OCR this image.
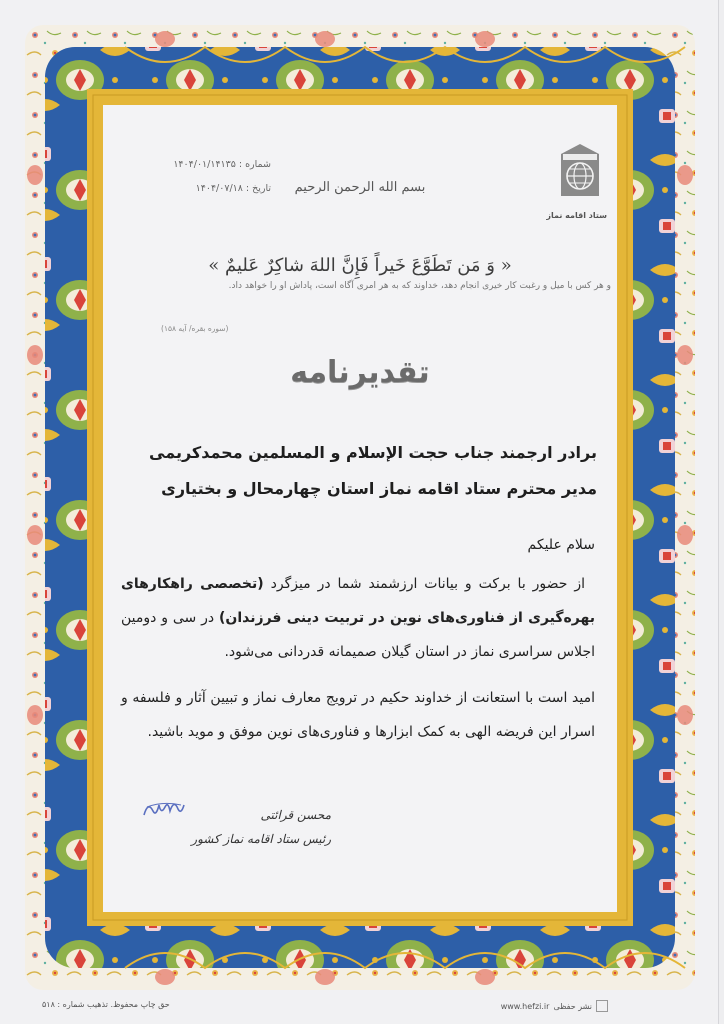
ستاد اقامه نماز
شماره :
۱۴۰۴/۰۱/۱۴۱۳۵
تاریخ :
۱۴۰۴/۰۷/۱۸	بسم الله الرحمن الرحيم
« وَ مَن تَطَوَّعَ خَیراً فَإِنَّ اللهَ شاکِرٌ عَلیمٌ »
و هر کس با میل و رغبت کار خیری انجام دهد، خداوند که به هر امری آگاه است، پاداش او را خواهد داد.
(سوره بقره/ آیه ۱۵۸)
تقدیرنامه
برادر ارجمند جناب حجت الإسلام و المسلمین محمدکریمی
مدیر محترم ستاد اقامه نماز استان چهارمحال و بختیاری
سلام علیکم
از حضور با برکت و بیانات ارزشمند شما در میزگرد (تخصصی راهکارهای بهره‌گیری از فناوری‌های نوین در تربیت دینی فرزندان) در سی و دومین اجلاس سراسری نماز در استان گیلان صمیمانه قدردانی می‌شود.
امید است با استعانت از خداوند حکیم در ترویج معارف نماز و تبیین آثار و فلسفه و اسرار این فریضه الهی به کمک ابزارها و فناوری‌های نوین موفق و موید باشید.
محسن قرائتی
رئیس ستاد اقامه نماز کشور
حق چاپ محفوظ. تذهیب شماره : ۵۱۸	نشر حفظی
www.hefzi.ir
